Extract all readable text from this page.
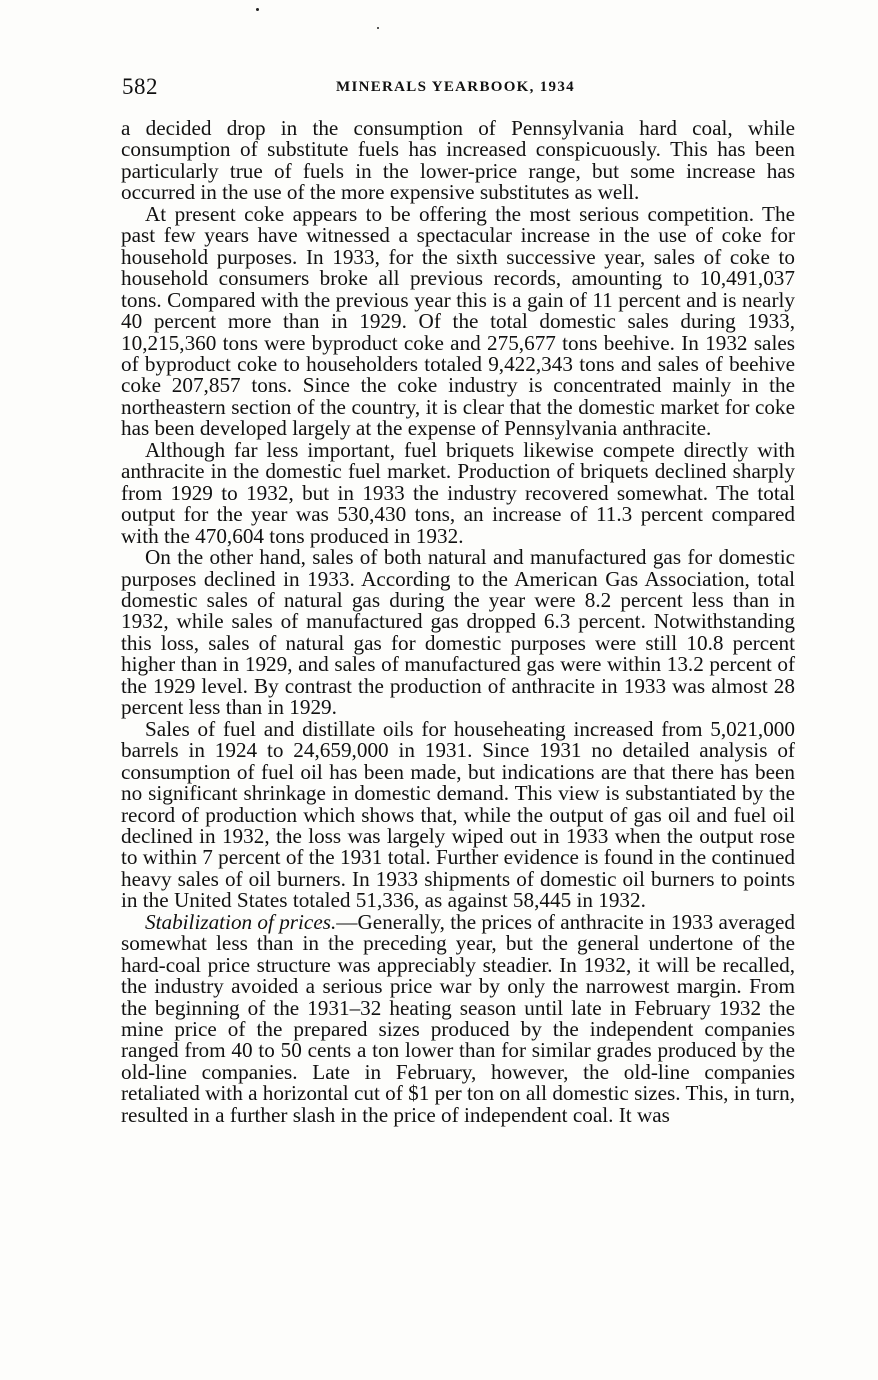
582	MINERALS YEARBOOK, 1934

a decided drop in the consumption of Pennsylvania hard coal, while consumption of substitute fuels has increased conspicuously. This has been particularly true of fuels in the lower-price range, but some increase has occurred in the use of the more expensive substitutes as well.

At present coke appears to be offering the most serious competition. The past few years have witnessed a spectacular increase in the use of coke for household purposes. In 1933, for the sixth successive year, sales of coke to household consumers broke all previous records, amounting to 10,491,037 tons. Compared with the previous year this is a gain of 11 percent and is nearly 40 percent more than in 1929. Of the total domestic sales during 1933, 10,215,360 tons were byproduct coke and 275,677 tons beehive. In 1932 sales of byproduct coke to householders totaled 9,422,343 tons and sales of beehive coke 207,857 tons. Since the coke industry is concentrated mainly in the northeastern section of the country, it is clear that the domestic market for coke has been developed largely at the expense of Pennsylvania anthracite.

Although far less important, fuel briquets likewise compete directly with anthracite in the domestic fuel market. Production of briquets declined sharply from 1929 to 1932, but in 1933 the industry recovered somewhat. The total output for the year was 530,430 tons, an increase of 11.3 percent compared with the 470,604 tons produced in 1932.

On the other hand, sales of both natural and manufactured gas for domestic purposes declined in 1933. According to the American Gas Association, total domestic sales of natural gas during the year were 8.2 percent less than in 1932, while sales of manufactured gas dropped 6.3 percent. Notwithstanding this loss, sales of natural gas for domestic purposes were still 10.8 percent higher than in 1929, and sales of manufactured gas were within 13.2 percent of the 1929 level. By contrast the production of anthracite in 1933 was almost 28 percent less than in 1929.

Sales of fuel and distillate oils for househeating increased from 5,021,000 barrels in 1924 to 24,659,000 in 1931. Since 1931 no detailed analysis of consumption of fuel oil has been made, but indications are that there has been no significant shrinkage in domestic demand. This view is substantiated by the record of production which shows that, while the output of gas oil and fuel oil declined in 1932, the loss was largely wiped out in 1933 when the output rose to within 7 percent of the 1931 total. Further evidence is found in the continued heavy sales of oil burners. In 1933 shipments of domestic oil burners to points in the United States totaled 51,336, as against 58,445 in 1932.

Stabilization of prices.—Generally, the prices of anthracite in 1933 averaged somewhat less than in the preceding year, but the general undertone of the hard-coal price structure was appreciably steadier. In 1932, it will be recalled, the industry avoided a serious price war by only the narrowest margin. From the beginning of the 1931–32 heating season until late in February 1932 the mine price of the prepared sizes produced by the independent companies ranged from 40 to 50 cents a ton lower than for similar grades produced by the old-line companies. Late in February, however, the old-line companies retaliated with a horizontal cut of $1 per ton on all domestic sizes. This, in turn, resulted in a further slash in the price of independent coal. It was
